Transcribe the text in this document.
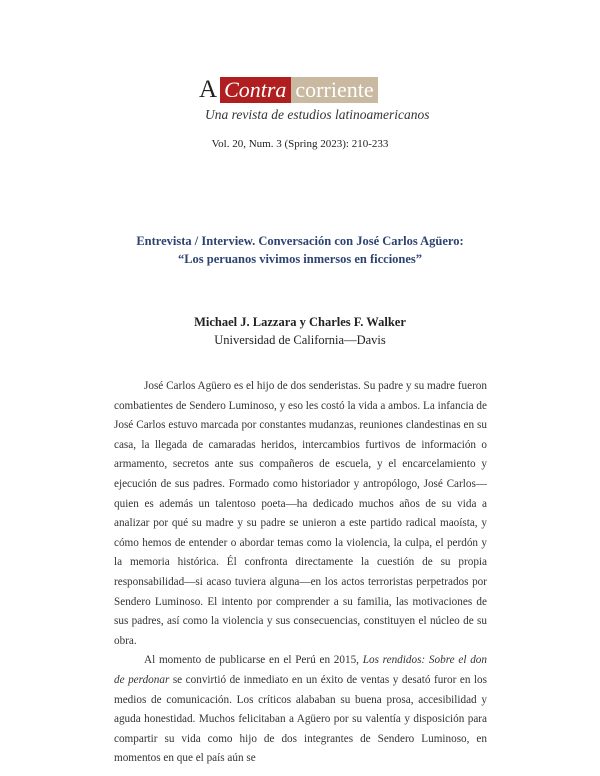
A Contra corriente
Una revista de estudios latinoamericanos
Vol. 20, Num. 3 (Spring 2023): 210-233
Entrevista / Interview. Conversación con José Carlos Agüero:
“Los peruanos vivimos inmersos en ficciones”
Michael J. Lazzara y Charles F. Walker
Universidad de California—Davis

José Carlos Agüero es el hijo de dos senderistas. Su padre y su madre fueron combatientes de Sendero Luminoso, y eso les costó la vida a ambos. La infancia de José Carlos estuvo marcada por constantes mudanzas, reuniones clandestinas en su casa, la llegada de camaradas heridos, intercambios furtivos de información o armamento, secretos ante sus compañeros de escuela, y el encarcelamiento y ejecución de sus padres. Formado como historiador y antropólogo, José Carlos—quien es además un talentoso poeta—ha dedicado muchos años de su vida a analizar por qué su madre y su padre se unieron a este partido radical maoísta, y cómo hemos de entender o abordar temas como la violencia, la culpa, el perdón y la memoria histórica. Él confronta directamente la cuestión de su propia responsabilidad—si acaso tuviera alguna—en los actos terroristas perpetrados por Sendero Luminoso. El intento por comprender a su familia, las motivaciones de sus padres, así como la violencia y sus consecuencias, constituyen el núcleo de su obra.

Al momento de publicarse en el Perú en 2015, Los rendidos: Sobre el don de perdonar se convirtió de inmediato en un éxito de ventas y desató furor en los medios de comunicación. Los críticos alababan su buena prosa, accesibilidad y aguda honestidad. Muchos felicitaban a Agüero por su valentía y disposición para compartir su vida como hijo de dos integrantes de Sendero Luminoso, en momentos en que el país aún se
